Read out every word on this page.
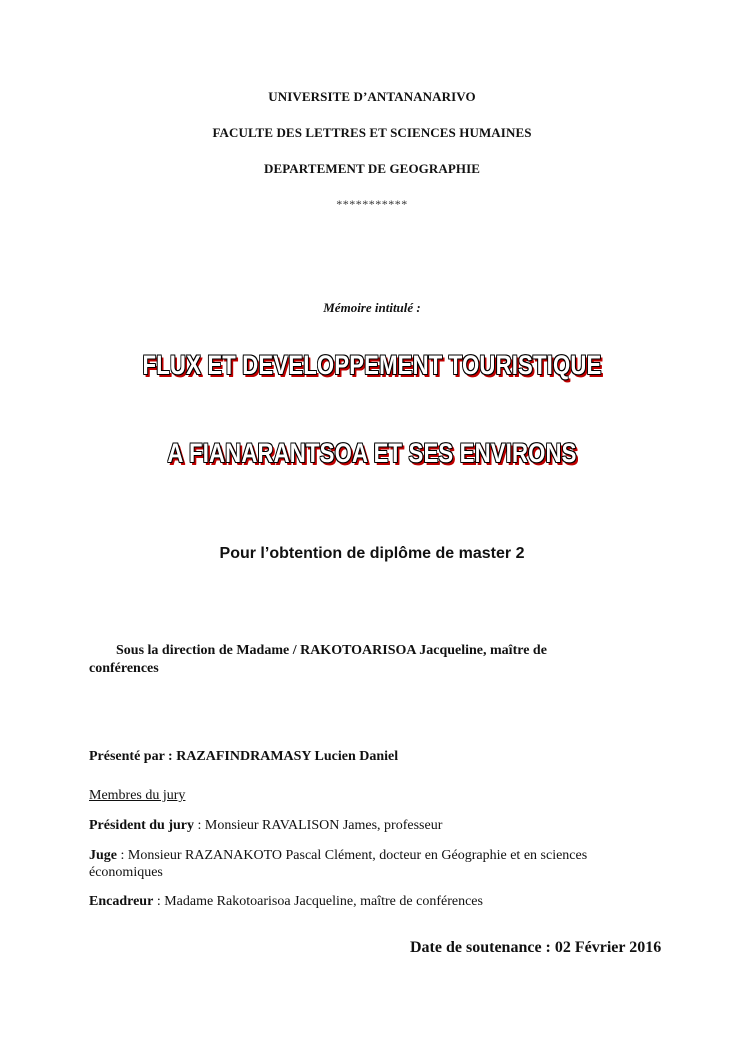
UNIVERSITE D’ANTANANARIVO
FACULTE DES LETTRES ET SCIENCES HUMAINES
DEPARTEMENT DE GEOGRAPHIE
***********
Mémoire intitulé :
FLUX ET DEVELOPPEMENT TOURISTIQUE
A FIANARANTSOA ET SES ENVIRONS
Pour l’obtention de diplôme de master 2
Sous la direction de Madame / RAKOTOARISOA Jacqueline, maître de
conférences
Présenté par : RAZAFINDRAMASY Lucien Daniel
Membres du jury
Président du jury : Monsieur RAVALISON James, professeur
Juge : Monsieur RAZANAKOTO Pascal Clément, docteur en Géographie et en sciences
économiques
Encadreur : Madame Rakotoarisoa Jacqueline, maître de conférences
Date de soutenance : 02 Février 2016
